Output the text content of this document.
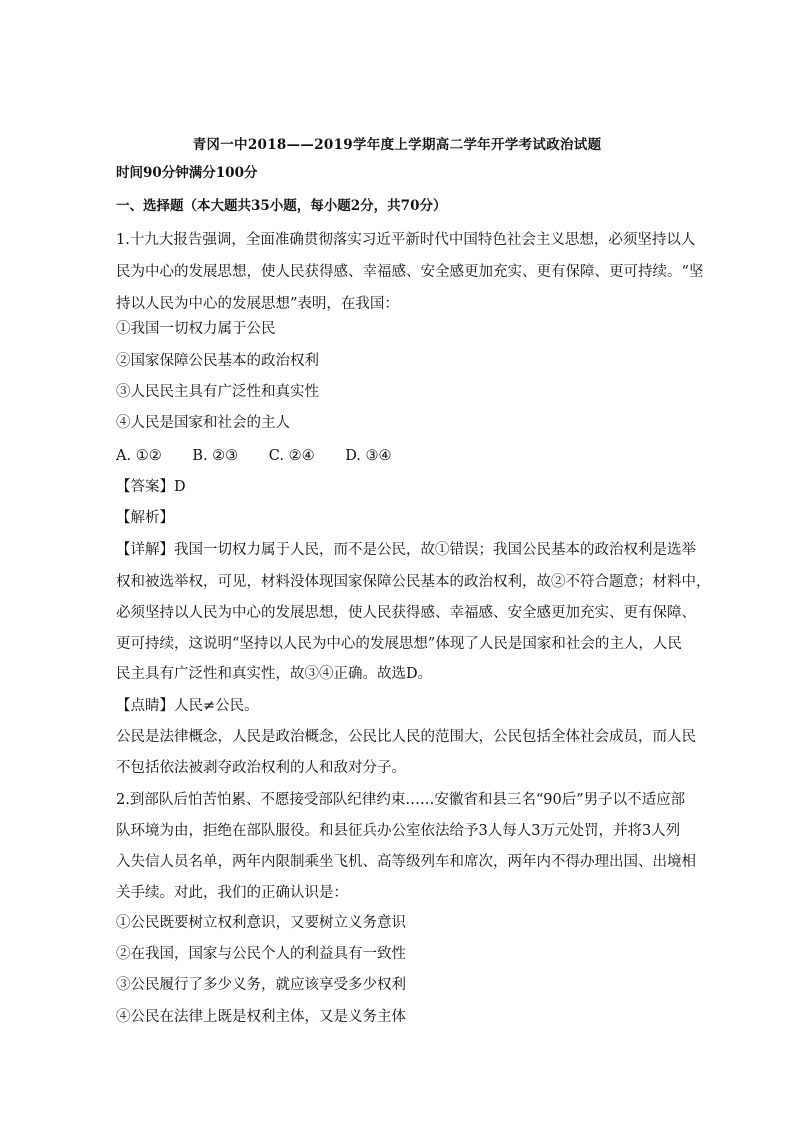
青冈一中2018——2019学年度上学期高二学年开学考试政治试题
时间90分钟满分100分
一、选择题（本大题共35小题，每小题2分，共70分）
1.十九大报告强调，全面准确贯彻落实习近平新时代中国特色社会主义思想，必须坚持以人
民为中心的发展思想，使人民获得感、幸福感、安全感更加充实、更有保障、更可持续。“坚
持以人民为中心的发展思想”表明，在我国：
①我国一切权力属于公民
②国家保障公民基本的政治权利
③人民民主具有广泛性和真实性
④人民是国家和社会的主人
A. ①② B. ②③ C. ②④ D. ③④
【答案】D
【解析】
【详解】我国一切权力属于人民，而不是公民，故①错误；我国公民基本的政治权利是选举
权和被选举权，可见，材料没体现国家保障公民基本的政治权利，故②不符合题意；材料中，
必须坚持以人民为中心的发展思想，使人民获得感、幸福感、安全感更加充实、更有保障、
更可持续，这说明“坚持以人民为中心的发展思想”体现了人民是国家和社会的主人，人民
民主具有广泛性和真实性，故③④正确。故选D。
【点睛】人民≠公民。
公民是法律概念，人民是政治概念，公民比人民的范围大，公民包括全体社会成员，而人民
不包括依法被剥夺政治权利的人和敌对分子。
2.到部队后怕苦怕累、不愿接受部队纪律约束……安徽省和县三名“90后”男子以不适应部
队环境为由，拒绝在部队服役。和县征兵办公室依法给予3人每人3万元处罚，并将3人列
入失信人员名单，两年内限制乘坐飞机、高等级列车和席次，两年内不得办理出国、出境相
关手续。对此，我们的正确认识是：
①公民既要树立权利意识，又要树立义务意识
②在我国，国家与公民个人的利益具有一致性
③公民履行了多少义务，就应该享受多少权利
④公民在法律上既是权利主体，又是义务主体
